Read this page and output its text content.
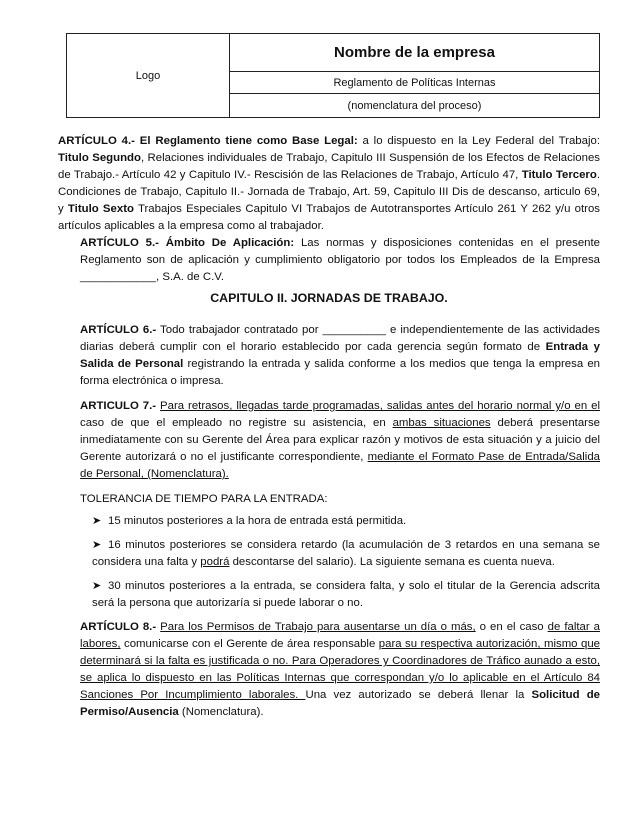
Logo
Nombre de la empresa
Reglamento de Políticas Internas
(nomenclatura del proceso)

ARTÍCULO 4.- El Reglamento tiene como Base Legal: a lo dispuesto en la Ley Federal del Trabajo: Titulo Segundo, Relaciones individuales de Trabajo, Capitulo III Suspensión de los Efectos de Relaciones de Trabajo.- Artículo 42 y Capitulo IV.- Rescisión de las Relaciones de Trabajo, Artículo 47, Titulo Tercero. Condiciones de Trabajo, Capitulo II.- Jornada de Trabajo, Art. 59, Capitulo III Dis de descanso, articulo 69, y Titulo Sexto Trabajos Especiales Capitulo VI Trabajos de Autotransportes Artículo 261 Y 262 y/u otros artículos aplicables a la empresa como al trabajador.

ARTÍCULO 5.- Ámbito De Aplicación: Las normas y disposiciones contenidas en el presente Reglamento son de aplicación y cumplimiento obligatorio por todos los Empleados de la Empresa ____________, S.A. de C.V.

CAPITULO II. JORNADAS DE TRABAJO.

ARTÍCULO 6.- Todo trabajador contratado por __________ e independientemente de las actividades diarias deberá cumplir con el horario establecido por cada gerencia según formato de Entrada y Salida de Personal registrando la entrada y salida conforme a los medios que tenga la empresa en forma electrónica o impresa.

ARTICULO 7.- Para retrasos, llegadas tarde programadas, salidas antes del horario normal y/o en el caso de que el empleado no registre su asistencia, en ambas situaciones deberá presentarse inmediatamente con su Gerente del Área para explicar razón y motivos de esta situación y a juicio del Gerente autorizará o no el justificante correspondiente, mediante el Formato Pase de Entrada/Salida de Personal, (Nomenclatura).

TOLERANCIA DE TIEMPO PARA LA ENTRADA:
➤ 15 minutos posteriores a la hora de entrada está permitida.
➤ 16 minutos posteriores se considera retardo (la acumulación de 3 retardos en una semana se considera una falta y podrá descontarse del salario). La siguiente semana es cuenta nueva.
➤ 30 minutos posteriores a la entrada, se considera falta, y solo el titular de la Gerencia adscrita será la persona que autorizaría si puede laborar o no.

ARTÍCULO 8.- Para los Permisos de Trabajo para ausentarse un día o más, o en el caso de faltar a labores, comunicarse con el Gerente de área responsable para su respectiva autorización, mismo que determinará si la falta es justificada o no. Para Operadores y Coordinadores de Tráfico aunado a esto, se aplica lo dispuesto en las Políticas Internas que correspondan y/o lo aplicable en el Artículo 84 Sanciones Por Incumplimiento laborales. Una vez autorizado se deberá llenar la Solicitud de Permiso/Ausencia (Nomenclatura).
